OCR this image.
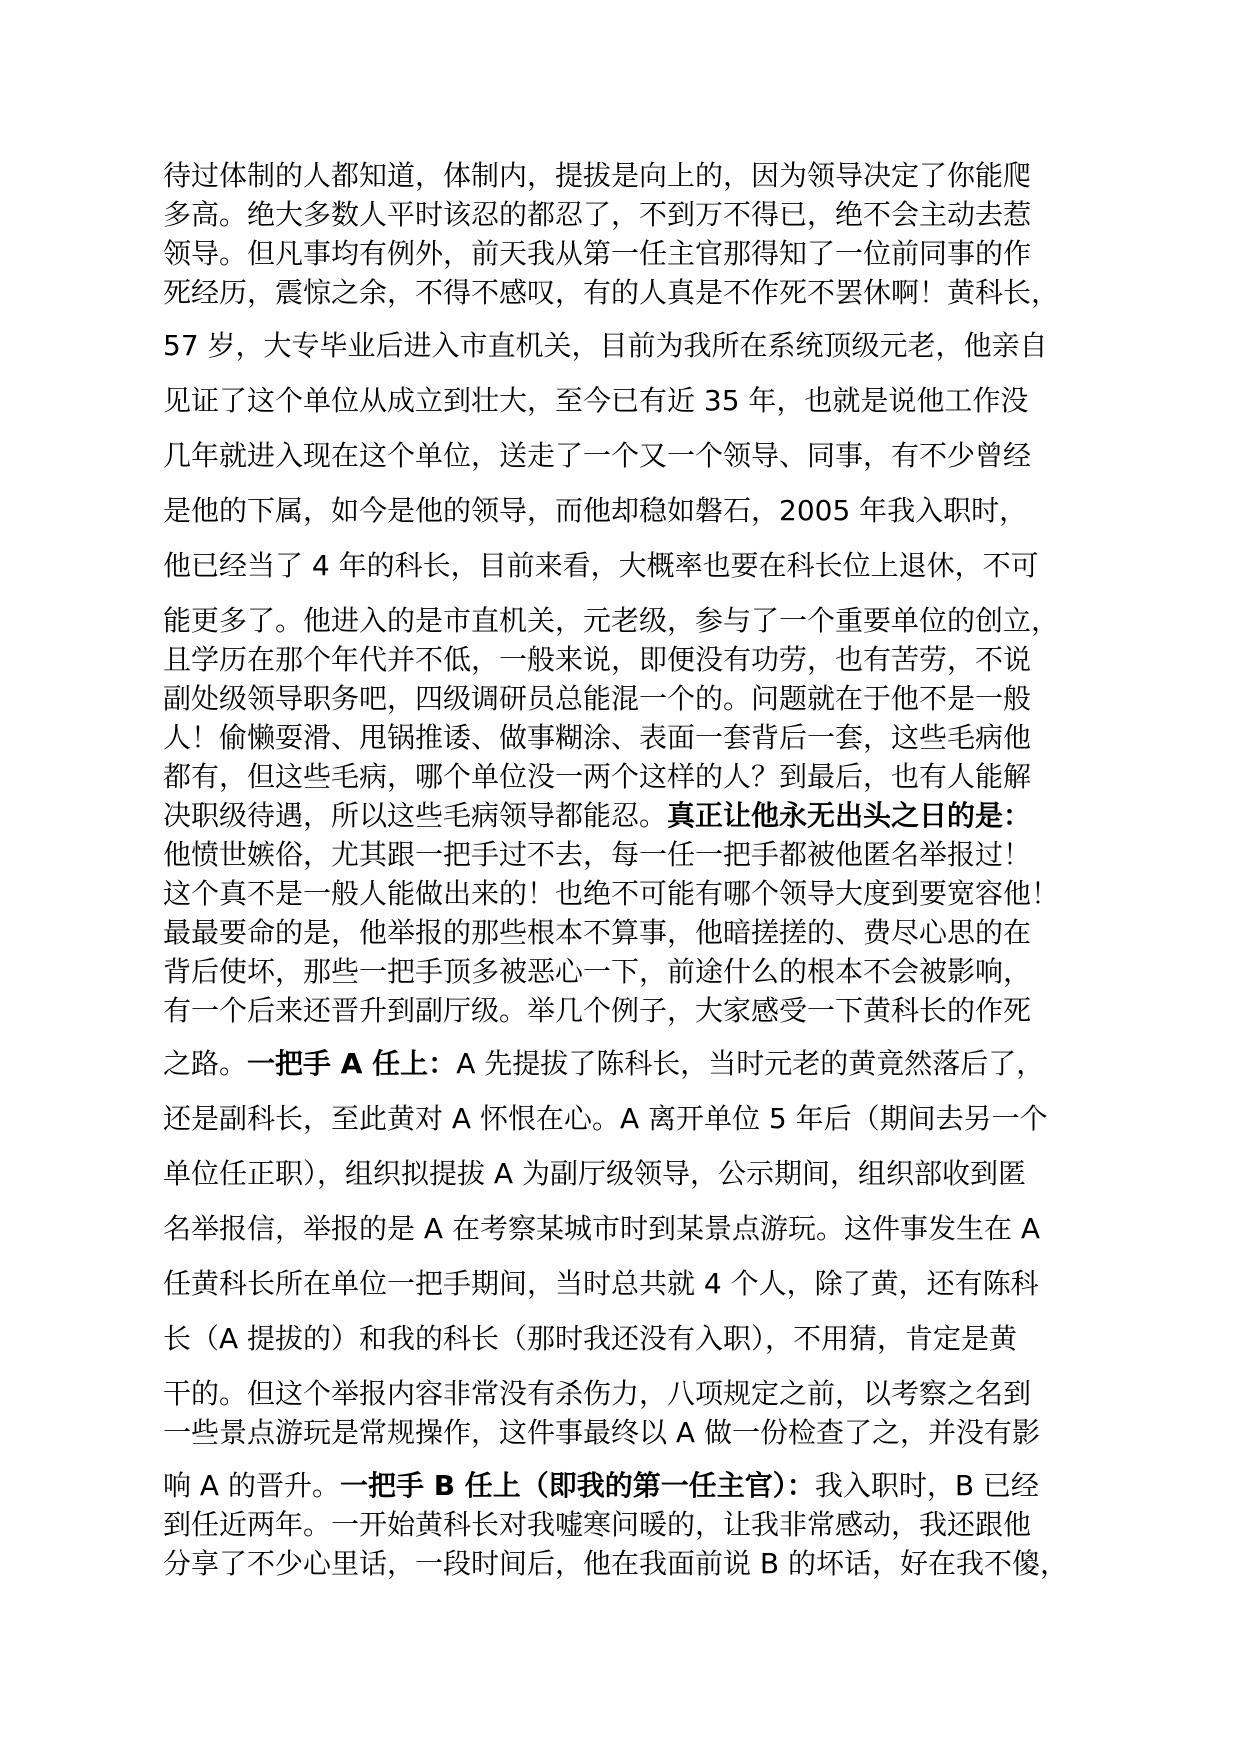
待过体制的人都知道，体制内，提拔是向上的，因为领导决定了你能爬
多高。绝大多数人平时该忍的都忍了，不到万不得已，绝不会主动去惹
领导。但凡事均有例外，前天我从第一任主官那得知了一位前同事的作
死经历，震惊之余，不得不感叹，有的人真是不作死不罢休啊！黄科长，
57 岁，大专毕业后进入市直机关，目前为我所在系统顶级元老，他亲自
见证了这个单位从成立到壮大，至今已有近 35 年，也就是说他工作没
几年就进入现在这个单位，送走了一个又一个领导、同事，有不少曾经
是他的下属，如今是他的领导，而他却稳如磐石，2005 年我入职时，
他已经当了 4 年的科长，目前来看，大概率也要在科长位上退休，不可
能更多了。他进入的是市直机关，元老级，参与了一个重要单位的创立，
且学历在那个年代并不低，一般来说，即便没有功劳，也有苦劳，不说
副处级领导职务吧，四级调研员总能混一个的。问题就在于他不是一般
人！偷懒耍滑、甩锅推诿、做事糊涂、表面一套背后一套，这些毛病他
都有，但这些毛病，哪个单位没一两个这样的人？到最后，也有人能解
决职级待遇，所以这些毛病领导都能忍。真正让他永无出头之日的是：
他愤世嫉俗，尤其跟一把手过不去，每一任一把手都被他匿名举报过！
这个真不是一般人能做出来的！也绝不可能有哪个领导大度到要宽容他！
最最要命的是，他举报的那些根本不算事，他暗搓搓的、费尽心思的在
背后使坏，那些一把手顶多被恶心一下，前途什么的根本不会被影响，
有一个后来还晋升到副厅级。举几个例子，大家感受一下黄科长的作死
之路。一把手 A 任上：A 先提拔了陈科长，当时元老的黄竟然落后了，
还是副科长，至此黄对 A 怀恨在心。A 离开单位 5 年后（期间去另一个
单位任正职），组织拟提拔 A 为副厅级领导，公示期间，组织部收到匿
名举报信，举报的是 A 在考察某城市时到某景点游玩。这件事发生在 A
任黄科长所在单位一把手期间，当时总共就 4 个人，除了黄，还有陈科
长（A 提拔的）和我的科长（那时我还没有入职），不用猜，肯定是黄
干的。但这个举报内容非常没有杀伤力，八项规定之前，以考察之名到
一些景点游玩是常规操作，这件事最终以 A 做一份检查了之，并没有影
响 A 的晋升。一把手 B 任上（即我的第一任主官）：我入职时，B 已经
到任近两年。一开始黄科长对我嘘寒问暖的，让我非常感动，我还跟他
分享了不少心里话，一段时间后，他在我面前说 B 的坏话，好在我不傻，
